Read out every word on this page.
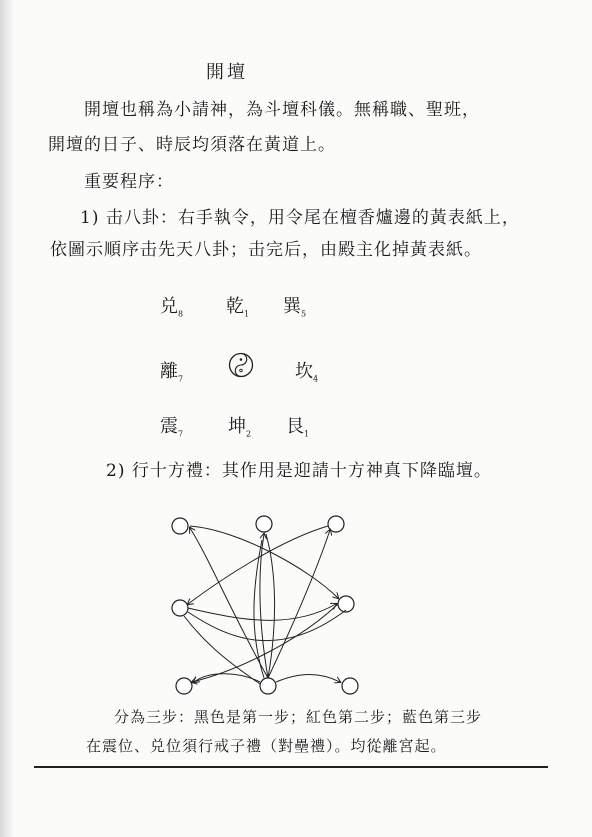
開壇
開壇也稱為小請神，為斗壇科儀。無稱職、聖班，
開壇的日子、時辰均須落在黃道上。
重要程序：
1) 击八卦：右手執令，用令尾在檀香爐邊的黃表紙上，
依圖示順序击先天八卦；击完后，由殿主化掉黃表紙。
兑$_8$ 乾$_1$ 巽$_5$
離$_7$	坎$_4$
震$_7$ 坤$_2$ 艮$_1$
2) 行十方禮：其作用是迎請十方神真下降臨壇。
分為三步：黑色是第一步；紅色第二步；藍色第三步
在震位、兑位須行戒子禮（對壘禮）。均從離宮起。
